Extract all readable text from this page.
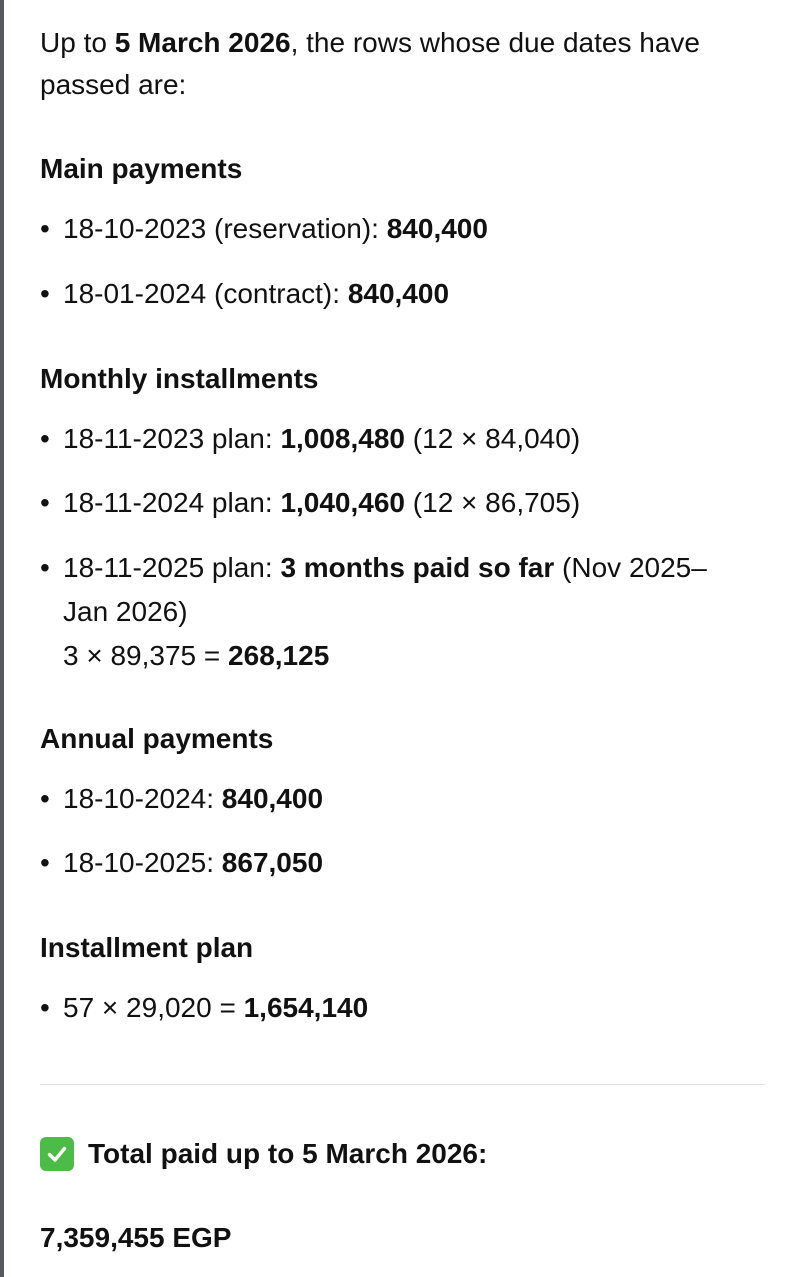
Up to 5 March 2026, the rows whose due dates have passed are:
Main payments
• 18-10-2023 (reservation): 840,400
• 18-01-2024 (contract): 840,400
Monthly installments
• 18-11-2023 plan: 1,008,480 (12 × 84,040)
• 18-11-2024 plan: 1,040,460 (12 × 86,705)
• 18-11-2025 plan: 3 months paid so far (Nov 2025–Jan 2026)
3 × 89,375 = 268,125
Annual payments
• 18-10-2024: 840,400
• 18-10-2025: 867,050
Installment plan
• 57 × 29,020 = 1,654,140
Total paid up to 5 March 2026:
7,359,455 EGP
